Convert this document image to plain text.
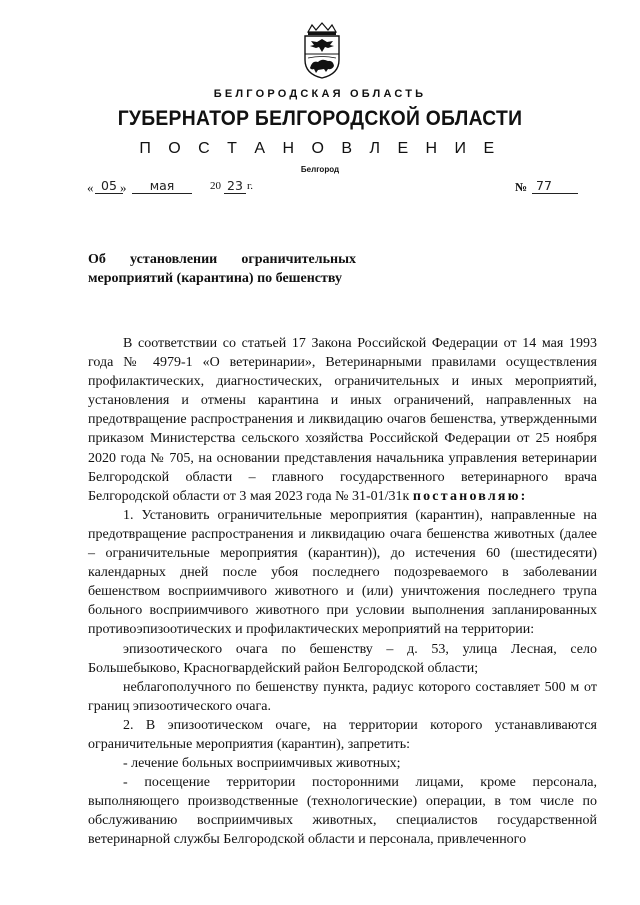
БЕЛГОРОДСКАЯ ОБЛАСТЬ
ГУБЕРНАТОР БЕЛГОРОДСКОЙ ОБЛАСТИ
П О С Т А Н О В Л Е Н И Е
Белгород
« 05 »	мая	20 23 г.	№ 77
Об установлении ограничительных мероприятий (карантина) по бешенству

В соответствии со статьей 17 Закона Российской Федерации от 14 мая 1993 года № 4979-1 «О ветеринарии», Ветеринарными правилами осуществления профилактических, диагностических, ограничительных и иных мероприятий, установления и отмены карантина и иных ограничений, направленных на предотвращение распространения и ликвидацию очагов бешенства, утвержденными приказом Министерства сельского хозяйства Российской Федерации от 25 ноября 2020 года № 705, на основании представления начальника управления ветеринарии Белгородской области – главного государственного ветеринарного врача Белгородской области от 3 мая 2023 года № 31-01/31к постановляю:

1. Установить ограничительные мероприятия (карантин), направленные на предотвращение распространения и ликвидацию очага бешенства животных (далее – ограничительные мероприятия (карантин)), до истечения 60 (шестидесяти) календарных дней после убоя последнего подозреваемого в заболевании бешенством восприимчивого животного и (или) уничтожения последнего трупа больного восприимчивого животного при условии выполнения запланированных противоэпизоотических и профилактических мероприятий на территории:

эпизоотического очага по бешенству – д. 53, улица Лесная, село Большебыково, Красногвардейский район Белгородской области;

неблагополучного по бешенству пункта, радиус которого составляет 500 м от границ эпизоотического очага.

2. В эпизоотическом очаге, на территории которого устанавливаются ограничительные мероприятия (карантин), запретить:

- лечение больных восприимчивых животных;

- посещение территории посторонними лицами, кроме персонала, выполняющего производственные (технологические) операции, в том числе по обслуживанию восприимчивых животных, специалистов государственной ветеринарной службы Белгородской области и персонала, привлеченного
